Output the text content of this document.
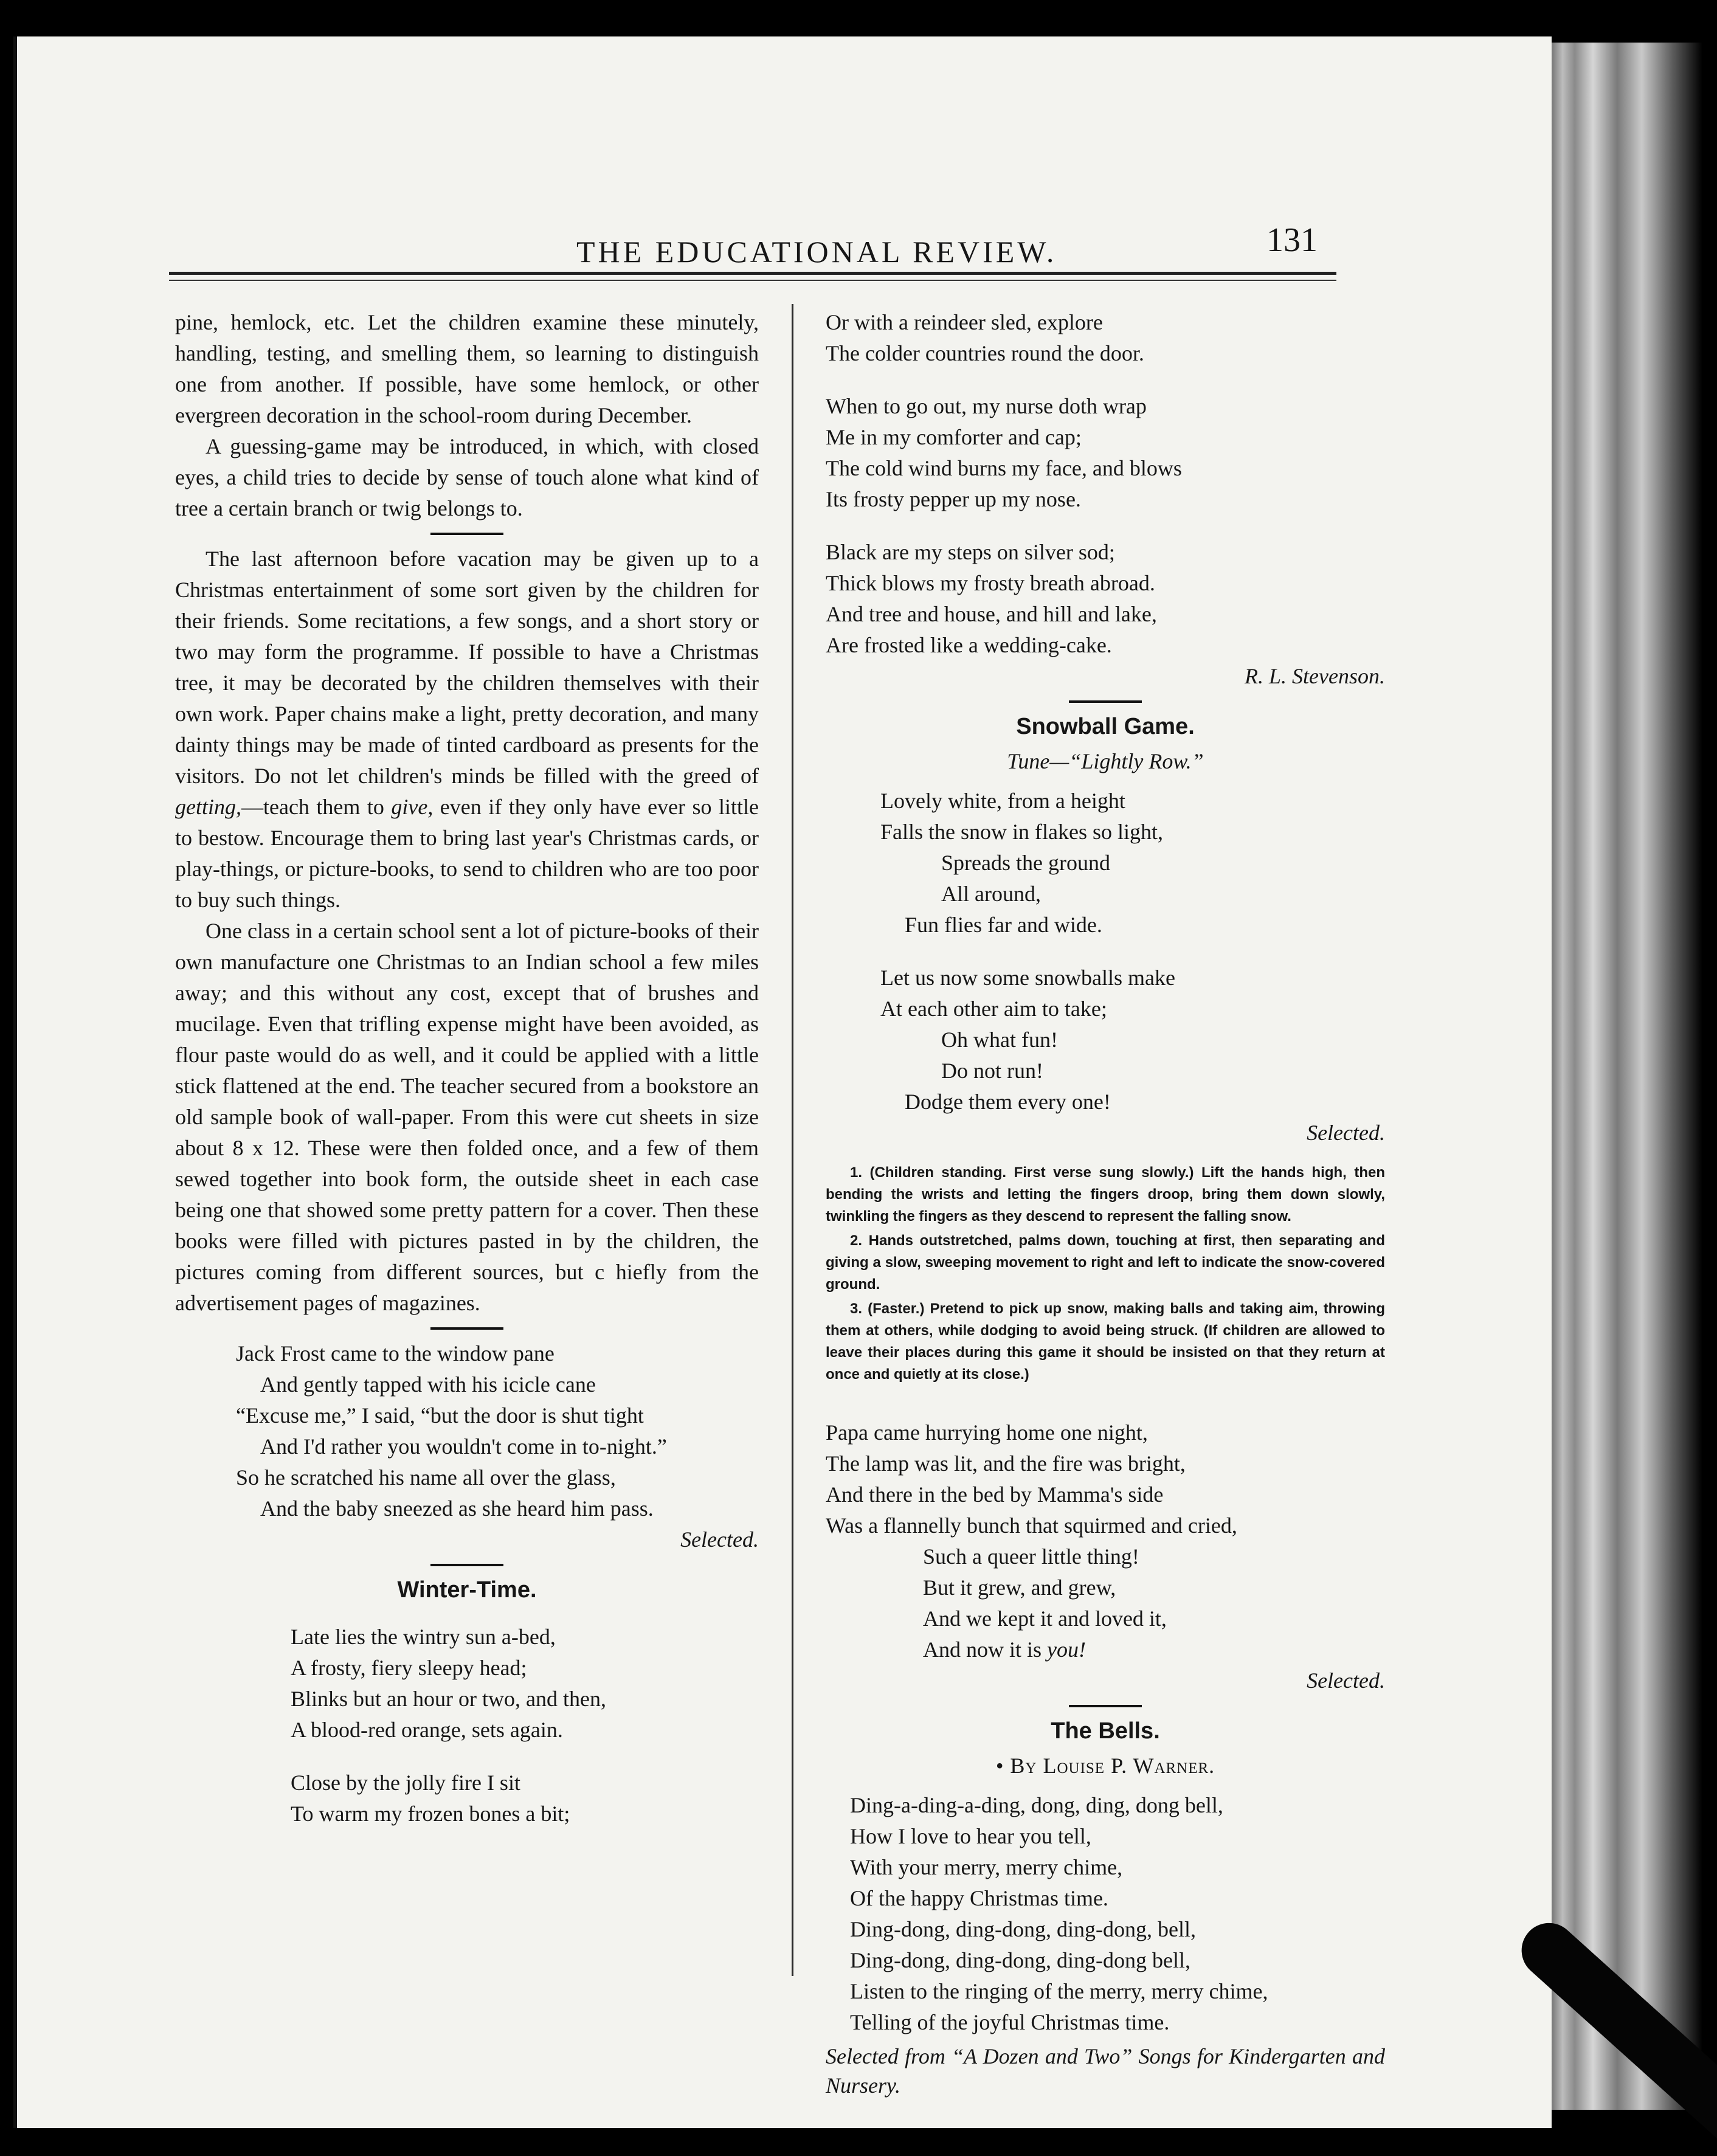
THE EDUCATIONAL REVIEW.	131

pine, hemlock, etc. Let the children examine these minutely, handling, testing, and smelling them, so learning to distinguish one from another. If possible, have some hemlock, or other evergreen decoration in the school-room during December.

A guessing-game may be introduced, in which, with closed eyes, a child tries to decide by sense of touch alone what kind of tree a certain branch or twig belongs to.

The last afternoon before vacation may be given up to a Christmas entertainment of some sort given by the children for their friends. Some recitations, a few songs, and a short story or two may form the programme. If possible to have a Christmas tree, it may be decorated by the children themselves with their own work. Paper chains make a light, pretty decoration, and many dainty things may be made of tinted cardboard as presents for the visitors. Do not let children's minds be filled with the greed of getting,—teach them to give, even if they only have ever so little to bestow. Encourage them to bring last year's Christmas cards, or play-things, or picture-books, to send to children who are too poor to buy such things.

One class in a certain school sent a lot of picture-books of their own manufacture one Christmas to an Indian school a few miles away; and this without any cost, except that of brushes and mucilage. Even that trifling expense might have been avoided, as flour paste would do as well, and it could be applied with a little stick flattened at the end. The teacher secured from a bookstore an old sample book of wall-paper. From this were cut sheets in size about 8 x 12. These were then folded once, and a few of them sewed together into book form, the outside sheet in each case being one that showed some pretty pattern for a cover. Then these books were filled with pictures pasted in by the children, the pictures coming from different sources, but c hiefly from the advertisement pages of magazines.

Jack Frost came to the window pane
And gently tapped with his icicle cane
“Excuse me,” I said, “but the door is shut tight
And I'd rather you wouldn't come in to-night.”
So he scratched his name all over the glass,
And the baby sneezed as she heard him pass.

Selected.

Winter-Time.
Late lies the wintry sun a-bed,
A frosty, fiery sleepy head;
Blinks but an hour or two, and then,
A blood-red orange, sets again.
Close by the jolly fire I sit
To warm my frozen bones a bit;
Or with a reindeer sled, explore
The colder countries round the door.
When to go out, my nurse doth wrap
Me in my comforter and cap;
The cold wind burns my face, and blows
Its frosty pepper up my nose.
Black are my steps on silver sod;
Thick blows my frosty breath abroad.
And tree and house, and hill and lake,
Are frosted like a wedding-cake.

R. L. Stevenson.

Snowball Game.
Tune—“Lightly Row.”
Lovely white, from a height
Falls the snow in flakes so light,
Spreads the ground
All around,
Fun flies far and wide.
Let us now some snowballs make
At each other aim to take;
Oh what fun!
Do not run!
Dodge them every one!

Selected.

1. (Children standing. First verse sung slowly.) Lift the hands high, then bending the wrists and letting the fingers droop, bring them down slowly, twinkling the fingers as they descend to represent the falling snow.

2. Hands outstretched, palms down, touching at first, then separating and giving a slow, sweeping movement to right and left to indicate the snow-covered ground.

3. (Faster.) Pretend to pick up snow, making balls and taking aim, throwing them at others, while dodging to avoid being struck. (If children are allowed to leave their places during this game it should be insisted on that they return at once and quietly at its close.)

Papa came hurrying home one night,
The lamp was lit, and the fire was bright,
And there in the bed by Mamma's side
Was a flannelly bunch that squirmed and cried,
Such a queer little thing!
But it grew, and grew,
And we kept it and loved it,
And now it is you!

Selected.

The Bells.
• By Louise P. Warner.
Ding-a-ding-a-ding, dong, ding, dong bell,
How I love to hear you tell,
With your merry, merry chime,
Of the happy Christmas time.
Ding-dong, ding-dong, ding-dong, bell,
Ding-dong, ding-dong, ding-dong bell,
Listen to the ringing of the merry, merry chime,
Telling of the joyful Christmas time.

Selected from “A Dozen and Two” Songs for Kindergarten and Nursery.
